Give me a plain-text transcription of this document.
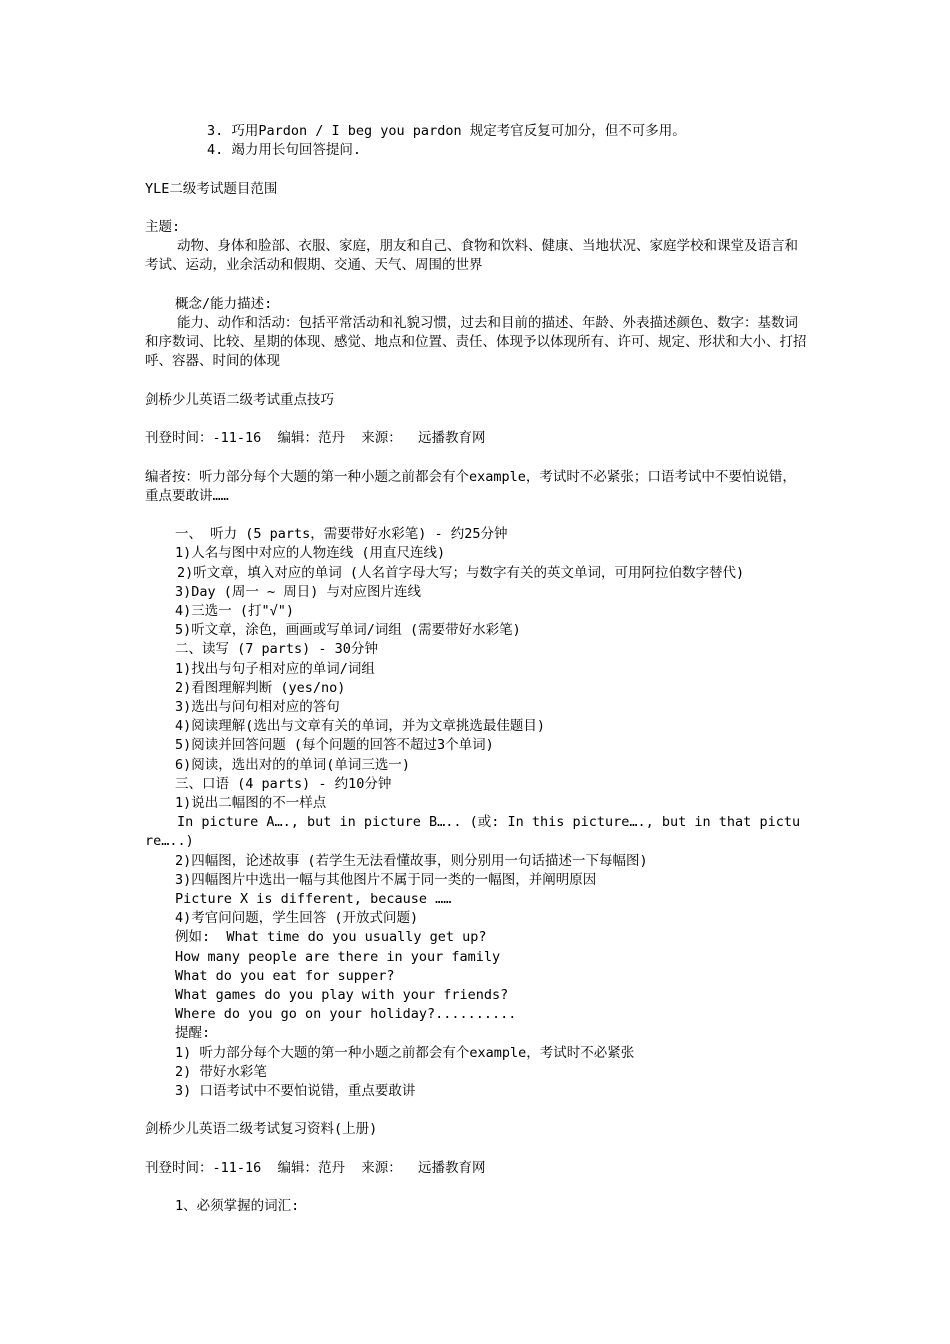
3. 巧用Pardon / I beg you pardon 规定考官反复可加分，但不可多用。

4. 竭力用长句回答提问.

YLE二级考试题目范围

主题:

动物、身体和脸部、衣服、家庭，朋友和自己、食物和饮料、健康、当地状况、家庭学校和课堂及语言和考试、运动，业余活动和假期、交通、天气、周围的世界

概念/能力描述:

能力、动作和活动：包括平常活动和礼貌习惯，过去和目前的描述、年龄、外表描述颜色、数字：基数词和序数词、比较、星期的体现、感觉、地点和位置、责任、体现予以体现所有、许可、规定、形状和大小、打招呼、容器、时间的体现

剑桥少儿英语二级考试重点技巧

刊登时间：-11-16  编辑：范丹  来源：  远播教育网

编者按：听力部分每个大题的第一种小题之前都会有个example，考试时不必紧张；口语考试中不要怕说错，重点要敢讲……

一、 听力 (5 parts，需要带好水彩笔) - 约25分钟

1)人名与图中对应的人物连线 (用直尺连线)

2)听文章，填入对应的单词 (人名首字母大写；与数字有关的英文单词，可用阿拉伯数字替代)

3)Day (周一 ~ 周日) 与对应图片连线

4)三选一 (打"√")

5)听文章，涂色，画画或写单词/词组 (需要带好水彩笔)

二、读写 (7 parts) - 30分钟

1)找出与句子相对应的单词/词组

2)看图理解判断 (yes/no)

3)选出与问句相对应的答句

4)阅读理解(选出与文章有关的单词，并为文章挑选最佳题目)

5)阅读并回答问题 (每个问题的回答不超过3个单词)

6)阅读，选出对的的单词(单词三选一)

三、口语 (4 parts) - 约10分钟

1)说出二幅图的不一样点

In picture A…., but in picture B….. (或: In this picture…., but in that picture…..)

2)四幅图，论述故事 (若学生无法看懂故事，则分别用一句话描述一下每幅图)

3)四幅图片中选出一幅与其他图片不属于同一类的一幅图，并阐明原因

Picture X is different, because ……

4)考官问问题，学生回答 (开放式问题)

例如: What time do you usually get up?

How many people are there in your family

What do you eat for supper?

What games do you play with your friends?

Where do you go on your holiday?..........

提醒:

1) 听力部分每个大题的第一种小题之前都会有个example，考试时不必紧张

2) 带好水彩笔

3) 口语考试中不要怕说错，重点要敢讲

剑桥少儿英语二级考试复习资料(上册)

刊登时间：-11-16  编辑：范丹  来源：  远播教育网

1、必须掌握的词汇:
